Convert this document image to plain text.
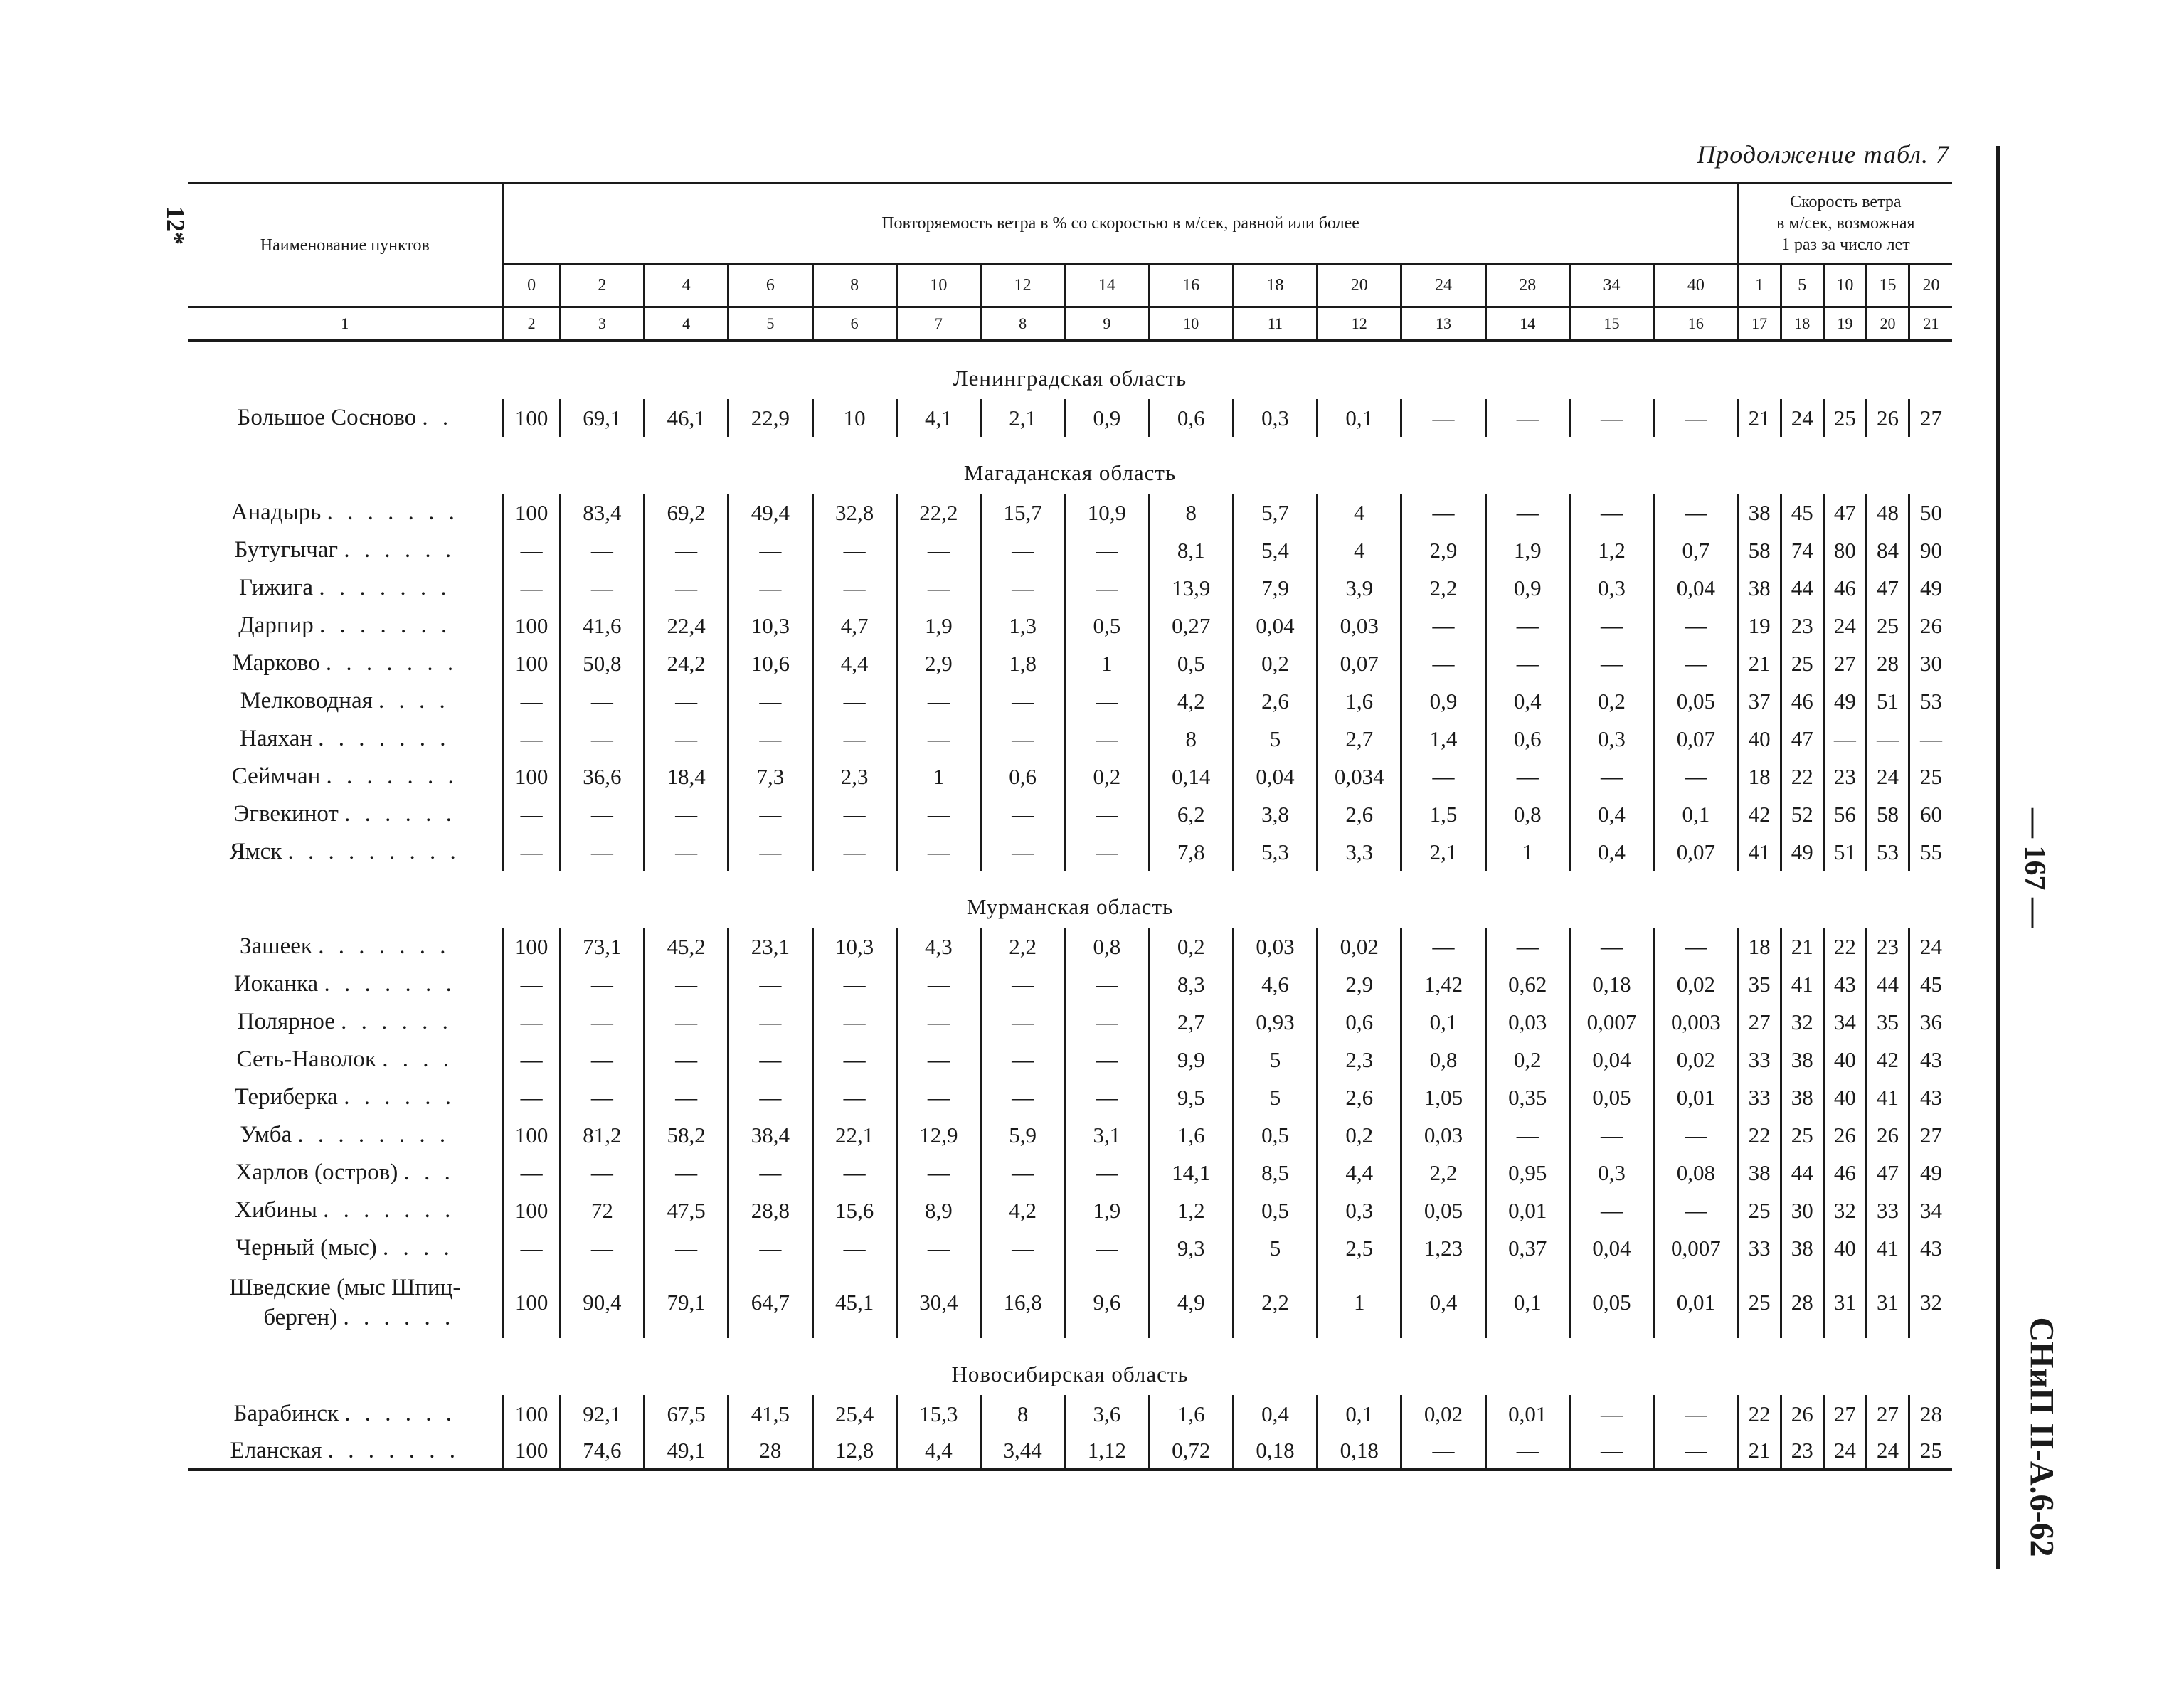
Продолжение табл. 7
12*
— 167 —
СНиП II-А.6-62
Наименование пунктов	Повторяемость ветра в % со скоростью в м/сек, равной или более															Скорость ветра
в м/сек, возможная
1 раз за число лет				

	0	2	4	6	8	10	12	14	16	18	20	24	28	34	40	1	5	10	15	20
1	2	3	4	5	6	7	8	9	10	11	12	13	14	15	16	17	18	19	20	21

Ленинградская область																				
Большое Сосново . .	100	69,1	46,1	22,9	10	4,1	2,1	0,9	0,6	0,3	0,1	—	—	—	—	21	24	25	26	27

Магаданская область																				
Анадырь . . . . . . .	100	83,4	69,2	49,4	32,8	22,2	15,7	10,9	8	5,7	4	—	—	—	—	38	45	47	48	50
Бутугычаг . . . . . .	—	—	—	—	—	—	—	—	8,1	5,4	4	2,9	1,9	1,2	0,7	58	74	80	84	90
Гижига . . . . . . .	—	—	—	—	—	—	—	—	13,9	7,9	3,9	2,2	0,9	0,3	0,04	38	44	46	47	49
Дарпир . . . . . . .	100	41,6	22,4	10,3	4,7	1,9	1,3	0,5	0,27	0,04	0,03	—	—	—	—	19	23	24	25	26
Марково . . . . . . .	100	50,8	24,2	10,6	4,4	2,9	1,8	1	0,5	0,2	0,07	—	—	—	—	21	25	27	28	30
Мелководная . . . .	—	—	—	—	—	—	—	—	4,2	2,6	1,6	0,9	0,4	0,2	0,05	37	46	49	51	53
Наяхан . . . . . . .	—	—	—	—	—	—	—	—	8	5	2,7	1,4	0,6	0,3	0,07	40	47	—	—	—
Сеймчан . . . . . . .	100	36,6	18,4	7,3	2,3	1	0,6	0,2	0,14	0,04	0,034	—	—	—	—	18	22	23	24	25
Эгвекинот . . . . . .	—	—	—	—	—	—	—	—	6,2	3,8	2,6	1,5	0,8	0,4	0,1	42	52	56	58	60
Ямск . . . . . . . . .	—	—	—	—	—	—	—	—	7,8	5,3	3,3	2,1	1	0,4	0,07	41	49	51	53	55

Мурманская область																				
Зашеек . . . . . . .	100	73,1	45,2	23,1	10,3	4,3	2,2	0,8	0,2	0,03	0,02	—	—	—	—	18	21	22	23	24
Иоканка . . . . . . .	—	—	—	—	—	—	—	—	8,3	4,6	2,9	1,42	0,62	0,18	0,02	35	41	43	44	45
Полярное . . . . . .	—	—	—	—	—	—	—	—	2,7	0,93	0,6	0,1	0,03	0,007	0,003	27	32	34	35	36
Сеть-Наволок . . . .	—	—	—	—	—	—	—	—	9,9	5	2,3	0,8	0,2	0,04	0,02	33	38	40	42	43
Териберка . . . . . .	—	—	—	—	—	—	—	—	9,5	5	2,6	1,05	0,35	0,05	0,01	33	38	40	41	43
Умба . . . . . . . .	100	81,2	58,2	38,4	22,1	12,9	5,9	3,1	1,6	0,5	0,2	0,03	—	—	—	22	25	26	26	27
Харлов (остров) . . .	—	—	—	—	—	—	—	—	14,1	8,5	4,4	2,2	0,95	0,3	0,08	38	44	46	47	49
Хибины . . . . . . .	100	72	47,5	28,8	15,6	8,9	4,2	1,9	1,2	0,5	0,3	0,05	0,01	—	—	25	30	32	33	34
Черный (мыс) . . . .	—	—	—	—	—	—	—	—	9,3	5	2,5	1,23	0,37	0,04	0,007	33	38	40	41	43
Шведские (мыс Шпиц-
берген) . . . . . .	100	90,4	79,1	64,7	45,1	30,4	16,8	9,6	4,9	2,2	1	0,4	0,1	0,05	0,01	25	28	31	31	32

Новосибирская область																				
Барабинск . . . . . .	100	92,1	67,5	41,5	25,4	15,3	8	3,6	1,6	0,4	0,1	0,02	0,01	—	—	22	26	27	27	28
Еланская . . . . . . .	100	74,6	49,1	28	12,8	4,4	3,44	1,12	0,72	0,18	0,18	—	—	—	—	21	23	24	24	25
